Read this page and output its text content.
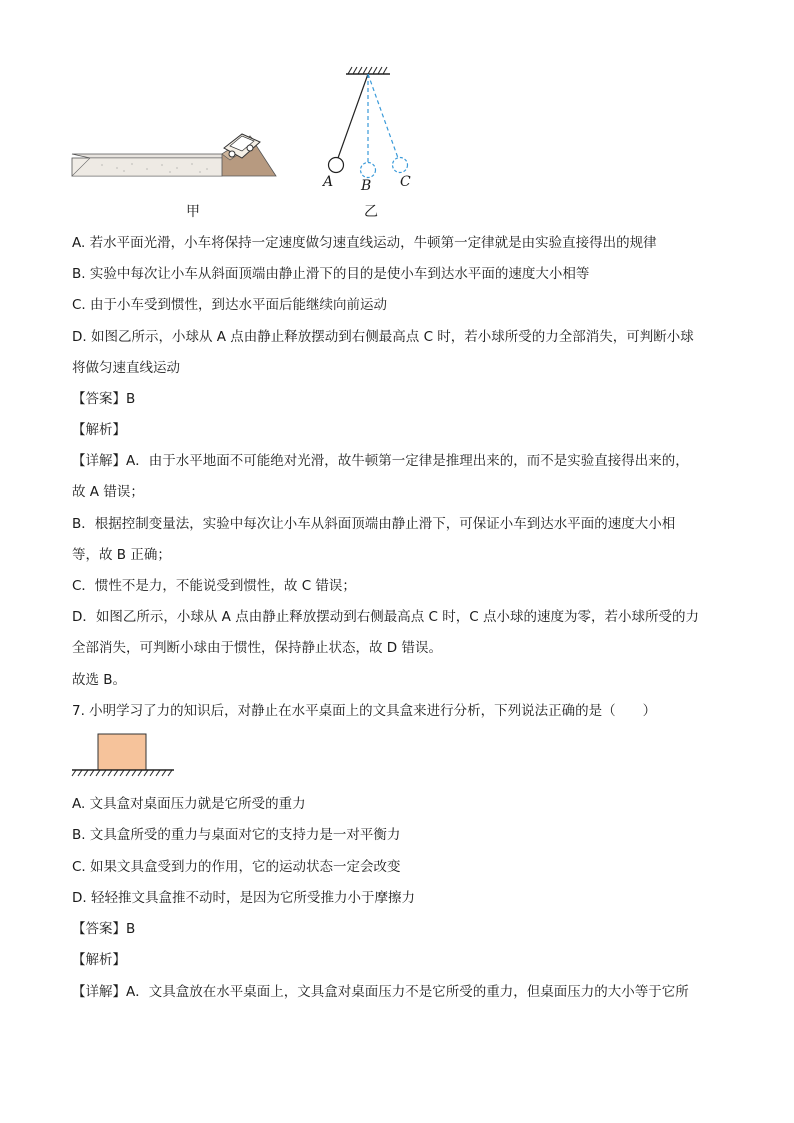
甲
A B C
乙
A. 若水平面光滑，小车将保持一定速度做匀速直线运动，牛顿第一定律就是由实验直接得出的规律
B. 实验中每次让小车从斜面顶端由静止滑下的目的是使小车到达水平面的速度大小相等
C. 由于小车受到惯性，到达水平面后能继续向前运动
D. 如图乙所示，小球从 A 点由静止释放摆动到右侧最高点 C 时，若小球所受的力全部消失，可判断小球
将做匀速直线运动
【答案】B
【解析】
【详解】A．由于水平地面不可能绝对光滑，故牛顿第一定律是推理出来的，而不是实验直接得出来的，
故 A 错误；
B．根据控制变量法，实验中每次让小车从斜面顶端由静止滑下，可保证小车到达水平面的速度大小相
等，故 B 正确；
C．惯性不是力，不能说受到惯性，故 C 错误；
D．如图乙所示，小球从 A 点由静止释放摆动到右侧最高点 C 时，C 点小球的速度为零，若小球所受的力
全部消失，可判断小球由于惯性，保持静止状态，故 D 错误。
故选 B。
7. 小明学习了力的知识后，对静止在水平桌面上的文具盒来进行分析，下列说法正确的是（　　）
A. 文具盒对桌面压力就是它所受的重力
B. 文具盒所受的重力与桌面对它的支持力是一对平衡力
C. 如果文具盒受到力的作用，它的运动状态一定会改变
D. 轻轻推文具盒推不动时，是因为它所受推力小于摩擦力
【答案】B
【解析】
【详解】A．文具盒放在水平桌面上，文具盒对桌面压力不是它所受的重力，但桌面压力的大小等于它所
